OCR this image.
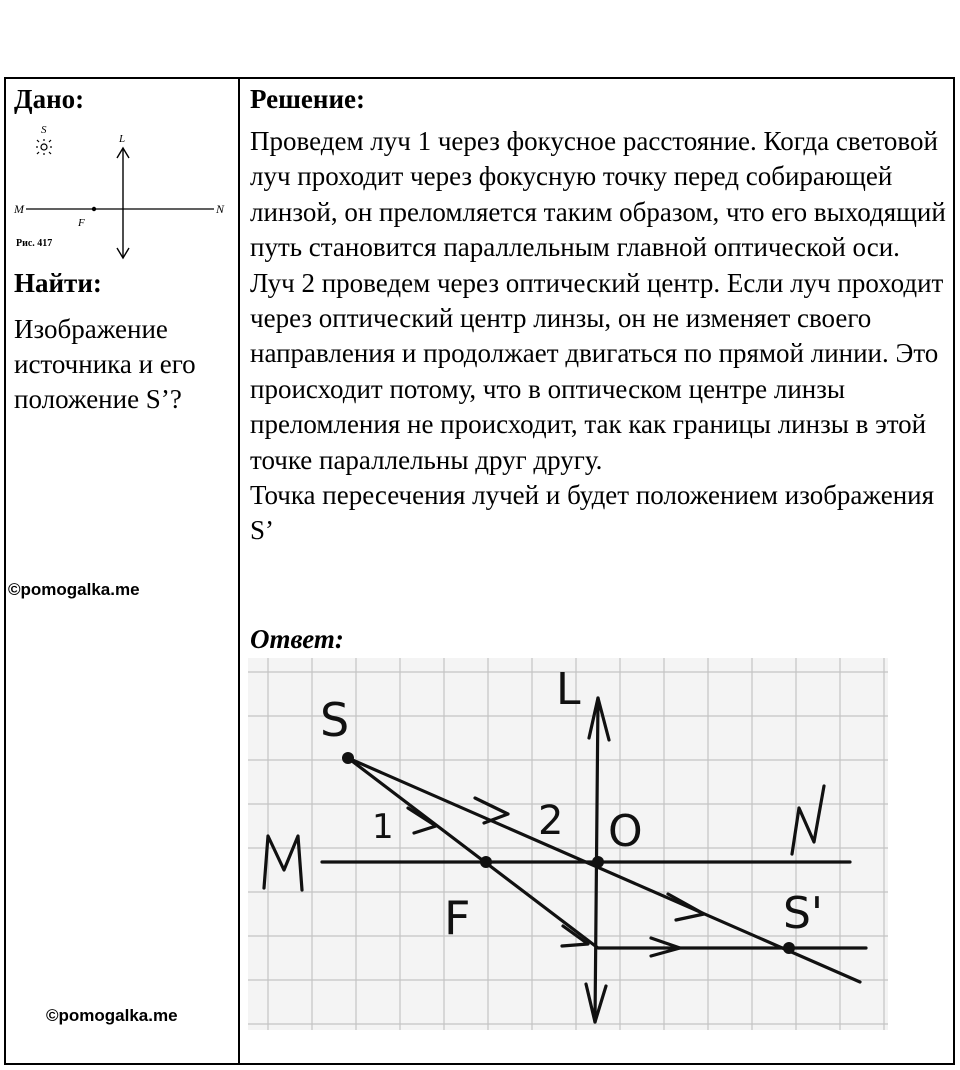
Дано:
S
M	N
F
L
Рис. 417
Найти:
Изображение источника и его положение S’?
©pomogalka.me
©pomogalka.me
Решение:

Проведем луч 1 через фокусное расстояние. Когда световой луч проходит через фокусную точку перед собирающей линзой, он преломляется таким образом, что его выходящий путь становится параллельным главной оптической оси.

Луч 2 проведем через оптический центр. Если луч проходит через оптический центр линзы, он не изменяет своего направления и продолжает двигаться по прямой линии. Это происходит потому, что в оптическом центре линзы преломления не происходит, так как границы линзы в этой точке параллельны друг другу.

Точка пересечения лучей и будет положением изображения S’

Ответ:
S
L
O
F	S'
1	2
